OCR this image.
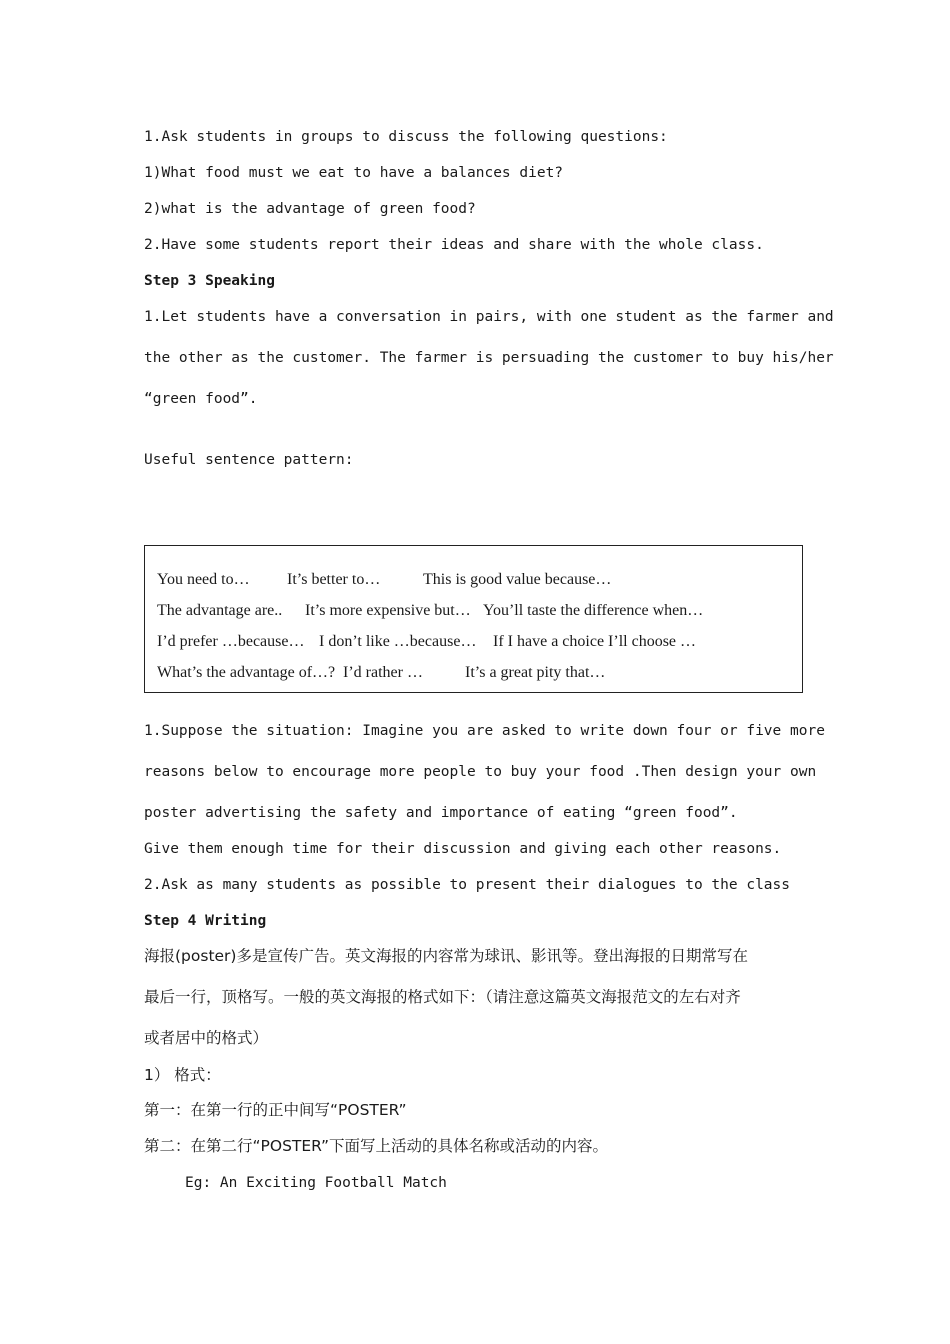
1.Ask students in groups to discuss the following questions:
1)What food must we eat to have a balances diet?
2)what is the advantage of green food?
2.Have some students report their ideas and share with the whole class.
Step 3 Speaking
1.Let students have a conversation in pairs, with one student as the farmer and
the other as the customer. The farmer is persuading the customer to buy his/her
“green food”.
Useful sentence pattern:
You need to… It’s better to…	This is good value because…
The advantage are.. It’s more expensive but… You’ll taste the difference when…
I’d prefer …because… I don’t like …because… If I have a choice I’ll choose …
What’s the advantage of…? I’d rather …	It’s a great pity that…
1.Suppose the situation: Imagine you are asked to write down four or five more
reasons below to encourage more people to buy your food .Then design your own
poster advertising the safety and importance of eating “green food”.
Give them enough time for their discussion and giving each other reasons.
2.Ask as many students as possible to present their dialogues to the class
Step 4 Writing
海报(poster)多是宣传广告。英文海报的内容常为球讯、影讯等。登出海报的日期常写在
最后一行，顶格写。一般的英文海报的格式如下：（请注意这篇英文海报范文的左右对齐
或者居中的格式）
1） 格式：
第一：在第一行的正中间写“POSTER”
第二：在第二行“POSTER”下面写上活动的具体名称或活动的内容。
Eg: An Exciting Football Match
